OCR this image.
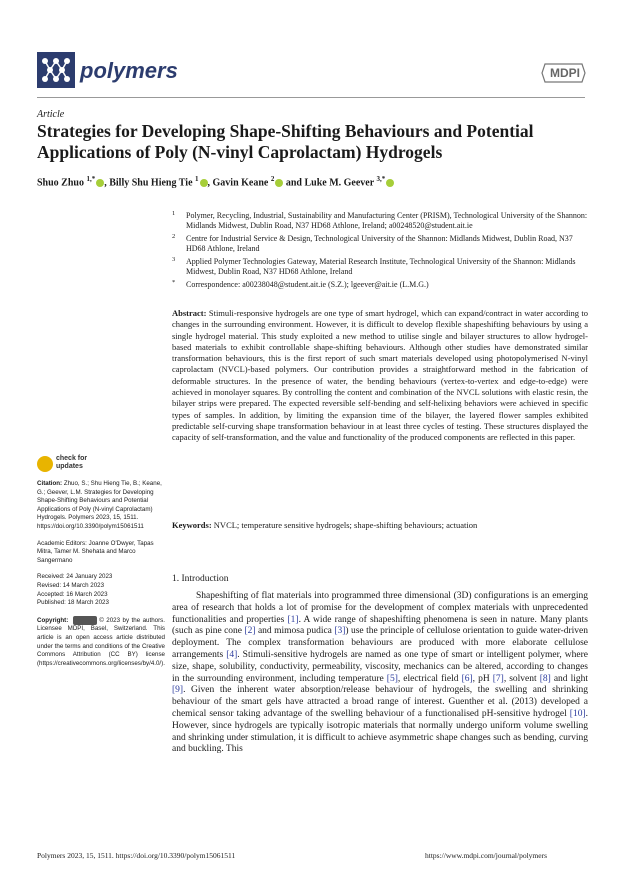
polymers	MDPI
Article
Strategies for Developing Shape-Shifting Behaviours and Potential Applications of Poly (N-vinyl Caprolactam) Hydrogels
Shuo Zhuo $^{1,*}$ , Billy Shu Hieng Tie $^1$ , Gavin Keane $^2$ and Luke M. Geever $^{3,*}$
1 Polymer, Recycling, Industrial, Sustainability and Manufacturing Center (PRISM), Technological University of the Shannon: Midlands Midwest, Dublin Road, N37 HD68 Athlone, Ireland; a00248520@student.ait.ie
2 Centre for Industrial Service & Design, Technological University of the Shannon: Midlands Midwest, Dublin Road, N37 HD68 Athlone, Ireland
3 Applied Polymer Technologies Gateway, Material Research Institute, Technological University of the Shannon: Midlands Midwest, Dublin Road, N37 HD68 Athlone, Ireland
* Correspondence: a00238048@student.ait.ie (S.Z.); lgeever@ait.ie (L.M.G.)
Abstract: Stimuli-responsive hydrogels are one type of smart hydrogel, which can expand/contract in water according to changes in the surrounding environment. However, it is difficult to develop flexible shapeshifting behaviours by using a single hydrogel material. This study exploited a new method to utilise single and bilayer structures to allow hydrogel-based materials to exhibit controllable shape-shifting behaviours. Although other studies have demonstrated similar transformation behaviours, this is the first report of such smart materials developed using photopolymerised N-vinyl caprolactam (NVCL)-based polymers. Our contribution provides a straightforward method in the fabrication of deformable structures. In the presence of water, the bending behaviours (vertex-to-vertex and edge-to-edge) were achieved in monolayer squares. By controlling the content and combination of the NVCL solutions with elastic resin, the bilayer strips were prepared. The expected reversible self-bending and self-helixing behaviors were achieved in specific types of samples. In addition, by limiting the expansion time of the bilayer, the layered flower samples exhibited predictable self-curving shape transformation behaviour in at least three cycles of testing. These structures displayed the capacity of self-transformation, and the value and functionality of the produced components are reflected in this paper.
Keywords: NVCL; temperature sensitive hydrogels; shape-shifting behaviours; actuation
1. Introduction

Shapeshifting of flat materials into programmed three dimensional (3D) configurations is an emerging area of research that holds a lot of promise for the development of complex materials with unprecedented functionalities and properties [1]. A wide range of shapeshifting phenomena is seen in nature. Many plants (such as pine cone [2] and mimosa pudica [3]) use the principle of cellulose orientation to guide water-driven deployment. The complex transformation behaviours are produced with more elaborate cellulose arrangements [4]. Stimuli-sensitive hydrogels are named as one type of smart or intelligent polymer, where size, shape, solubility, conductivity, permeability, viscosity, mechanics can be altered, according to changes in the surrounding environment, including temperature [5], electrical field [6], pH [7], solvent [8] and light [9]. Given the inherent water absorption/release behaviour of hydrogels, the swelling and shrinking behaviour of the smart gels have attracted a broad range of interest. Guenther et al. (2013) developed a chemical sensor taking advantage of the swelling behaviour of a functionalised pH-sensitive hydrogel [10]. However, since hydrogels are typically isotropic materials that normally undergo uniform volume swelling and shrinking under stimulation, it is difficult to achieve asymmetric shape changes such as bending, curving and buckling. This

check for
updates

Citation: Zhuo, S.; Shu Hieng Tie, B.; Keane, G.; Geever, L.M. Strategies for Developing Shape-Shifting Behaviours and Potential Applications of Poly (N-vinyl Caprolactam) Hydrogels. Polymers 2023, 15, 1511. https://doi.org/10.3390/polym15061511

Academic Editors: Joanne O'Dwyer, Tapas Mitra, Tamer M. Shehata and Marco Sangermano

Received: 24 January 2023
Revised: 14 March 2023
Accepted: 16 March 2023
Published: 18 March 2023

Copyright:	© 2023 by the authors. Licensee MDPI, Basel, Switzerland. This article is an open access article distributed under the terms and conditions of the Creative Commons Attribution (CC BY) license (https://creativecommons.org/licenses/by/4.0/).

Polymers 2023, 15, 1511. https://doi.org/10.3390/polym15061511	https://www.mdpi.com/journal/polymers
